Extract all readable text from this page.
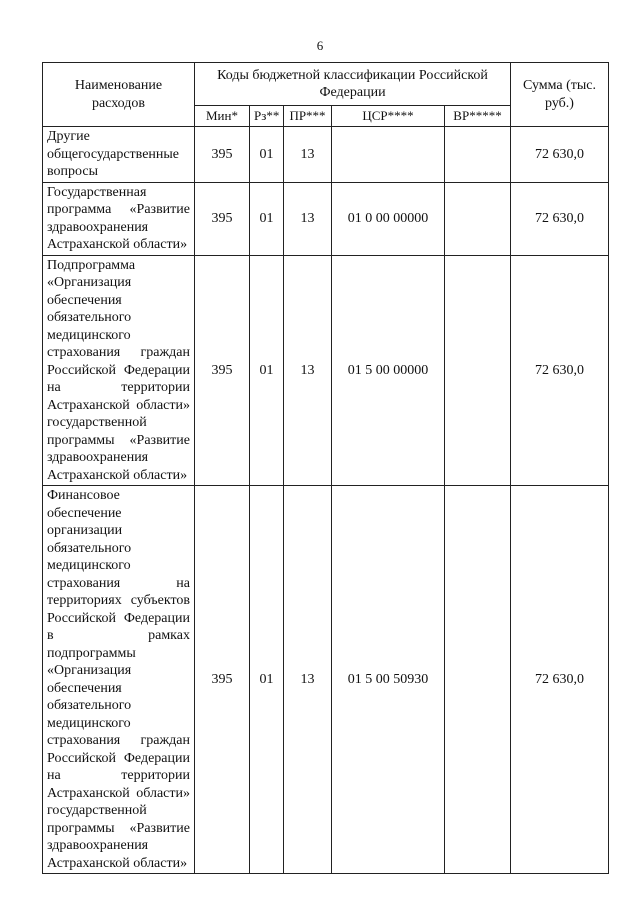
6
Наименование расходов	Коды бюджетной классификации Российской Федерации					Сумма (тыс. руб.)
	Мин*	Рз**	ПР***	ЦСР****	ВР*****	
Другие общегосударственные вопросы	395	01	13			72 630,0
Государственная программа «Развитие здравоохранения Астраханской области»	395	01	13	01 0 00 00000		72 630,0
Подпрограмма «Организация обеспечения обязательного медицинского страхования граждан Российской Федерации на территории Астраханской области» государственной программы «Развитие здравоохранения Астраханской области»	395	01	13	01 5 00 00000		72 630,0
Финансовое обеспечение организации обязательного медицинского страхования на территориях субъектов Российской Федерации в рамках подпрограммы «Организация обеспечения обязательного медицинского страхования граждан Российской Федерации на территории Астраханской области» государственной программы «Развитие здравоохранения Астраханской области»	395	01	13	01 5 00 50930		72 630,0
